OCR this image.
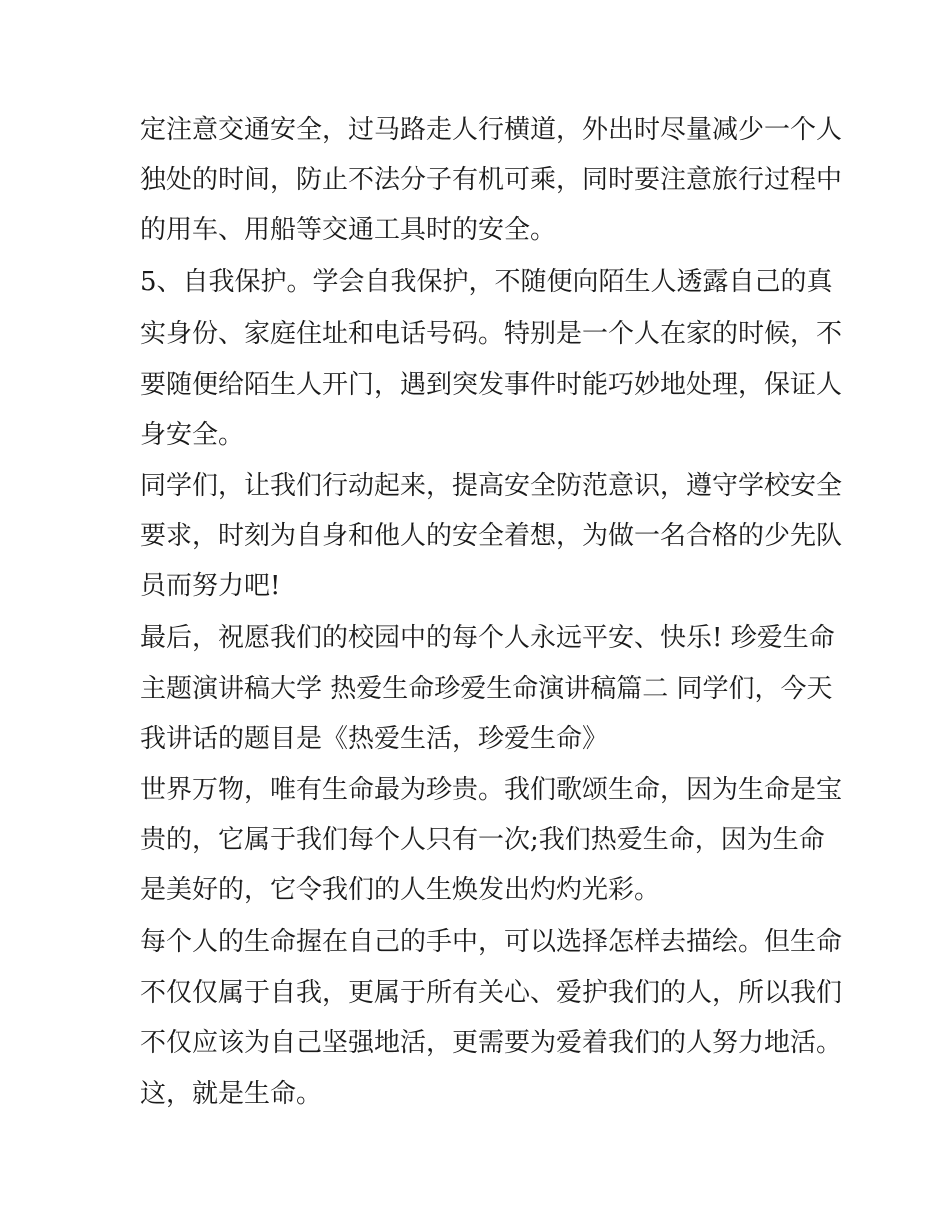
定注意交通安全，过马路走人行横道，外出时尽量减少一个人

独处的时间，防止不法分子有机可乘，同时要注意旅行过程中

的用车、用船等交通工具时的安全。

5、自我保护。学会自我保护，不随便向陌生人透露自己的真

实身份、家庭住址和电话号码。特别是一个人在家的时候，不

要随便给陌生人开门，遇到突发事件时能巧妙地处理，保证人

身安全。

同学们，让我们行动起来，提高安全防范意识，遵守学校安全

要求，时刻为自身和他人的安全着想，为做一名合格的少先队

员而努力吧!

最后，祝愿我们的校园中的每个人永远平安、快乐! 珍爱生命

主题演讲稿大学 热爱生命珍爱生命演讲稿篇二 同学们，今天

我讲话的题目是《热爱生活，珍爱生命》

世界万物，唯有生命最为珍贵。我们歌颂生命，因为生命是宝

贵的，它属于我们每个人只有一次;我们热爱生命，因为生命

是美好的，它令我们的人生焕发出灼灼光彩。

每个人的生命握在自己的手中，可以选择怎样去描绘。但生命

不仅仅属于自我，更属于所有关心、爱护我们的人，所以我们

不仅应该为自己坚强地活，更需要为爱着我们的人努力地活。

这，就是生命。
